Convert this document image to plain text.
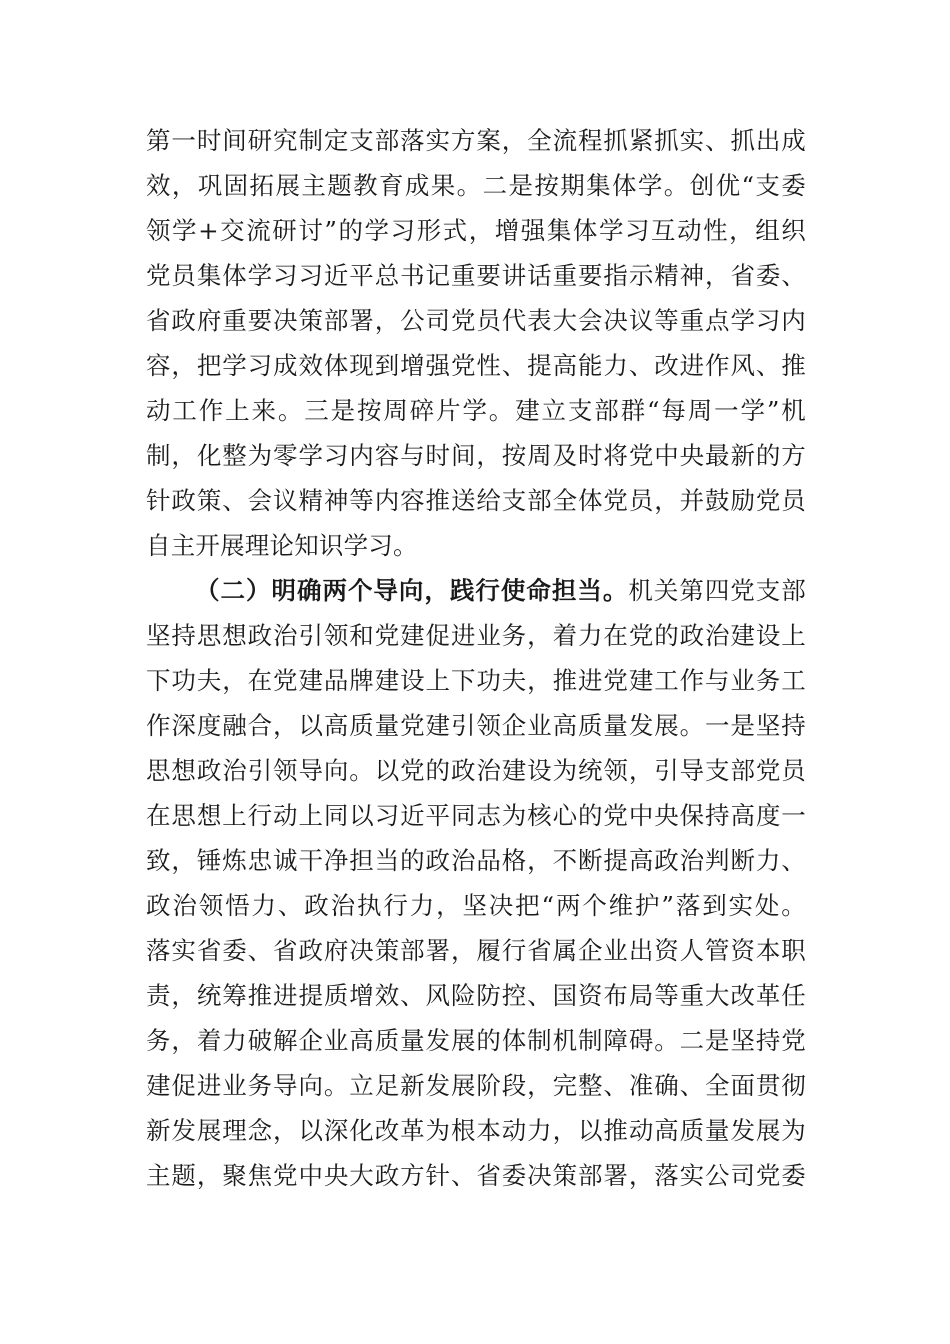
第一时间研究制定支部落实方案，全流程抓紧抓实、抓出成
效，巩固拓展主题教育成果。二是按期集体学。创优“支委
领学+交流研讨”的学习形式，增强集体学习互动性，组织
党员集体学习习近平总书记重要讲话重要指示精神，省委、
省政府重要决策部署，公司党员代表大会决议等重点学习内
容，把学习成效体现到增强党性、提高能力、改进作风、推
动工作上来。三是按周碎片学。建立支部群“每周一学”机
制，化整为零学习内容与时间，按周及时将党中央最新的方
针政策、会议精神等内容推送给支部全体党员，并鼓励党员
自主开展理论知识学习。
（二）明确两个导向，践行使命担当。机关第四党支部
坚持思想政治引领和党建促进业务，着力在党的政治建设上
下功夫，在党建品牌建设上下功夫，推进党建工作与业务工
作深度融合，以高质量党建引领企业高质量发展。一是坚持
思想政治引领导向。以党的政治建设为统领，引导支部党员
在思想上行动上同以习近平同志为核心的党中央保持高度一
致，锤炼忠诚干净担当的政治品格，不断提高政治判断力、
政治领悟力、政治执行力，坚决把“两个维护”落到实处。
落实省委、省政府决策部署，履行省属企业出资人管资本职
责，统筹推进提质增效、风险防控、国资布局等重大改革任
务，着力破解企业高质量发展的体制机制障碍。二是坚持党
建促进业务导向。立足新发展阶段，完整、准确、全面贯彻
新发展理念，以深化改革为根本动力，以推动高质量发展为
主题，聚焦党中央大政方针、省委决策部署，落实公司党委
